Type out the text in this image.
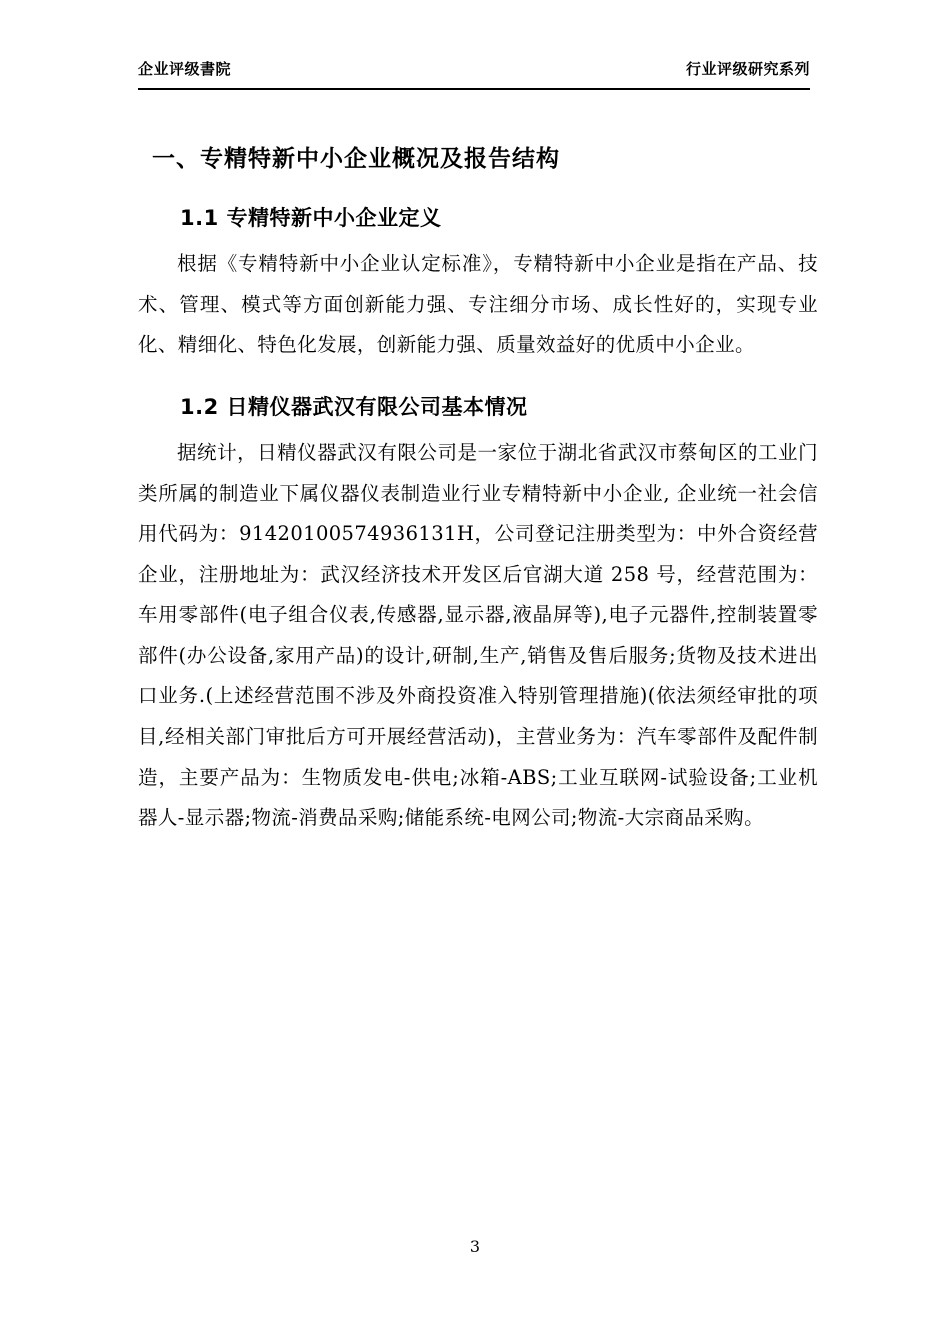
企业评级書院	行业评级研究系列
一、专精特新中小企业概况及报告结构
1.1 专精特新中小企业定义

根据《专精特新中小企业认定标准》，专精特新中小企业是指在产品、技术、管理、模式等方面创新能力强、专注细分市场、成长性好的，实现专业化、精细化、特色化发展，创新能力强、质量效益好的优质中小企业。

1.2 日精仪器武汉有限公司基本情况

据统计，日精仪器武汉有限公司是一家位于湖北省武汉市蔡甸区的工业门类所属的制造业下属仪器仪表制造业行业专精特新中小企业, 企业统一社会信用代码为：91420100574936131H，公司登记注册类型为：中外合资经营企业，注册地址为：武汉经济技术开发区后官湖大道 258 号，经营范围为：车用零部件(电子组合仪表,传感器,显示器,液晶屏等),电子元器件,控制装置零部件(办公设备,家用产品)的设计,研制,生产,销售及售后服务;货物及技术进出口业务.(上述经营范围不涉及外商投资准入特别管理措施)(依法须经审批的项目,经相关部门审批后方可开展经营活动)，主营业务为：汽车零部件及配件制造，主要产品为：生物质发电-供电;冰箱-ABS;工业互联网-试验设备;工业机器人-显示器;物流-消费品采购;储能系统-电网公司;物流-大宗商品采购。

3
